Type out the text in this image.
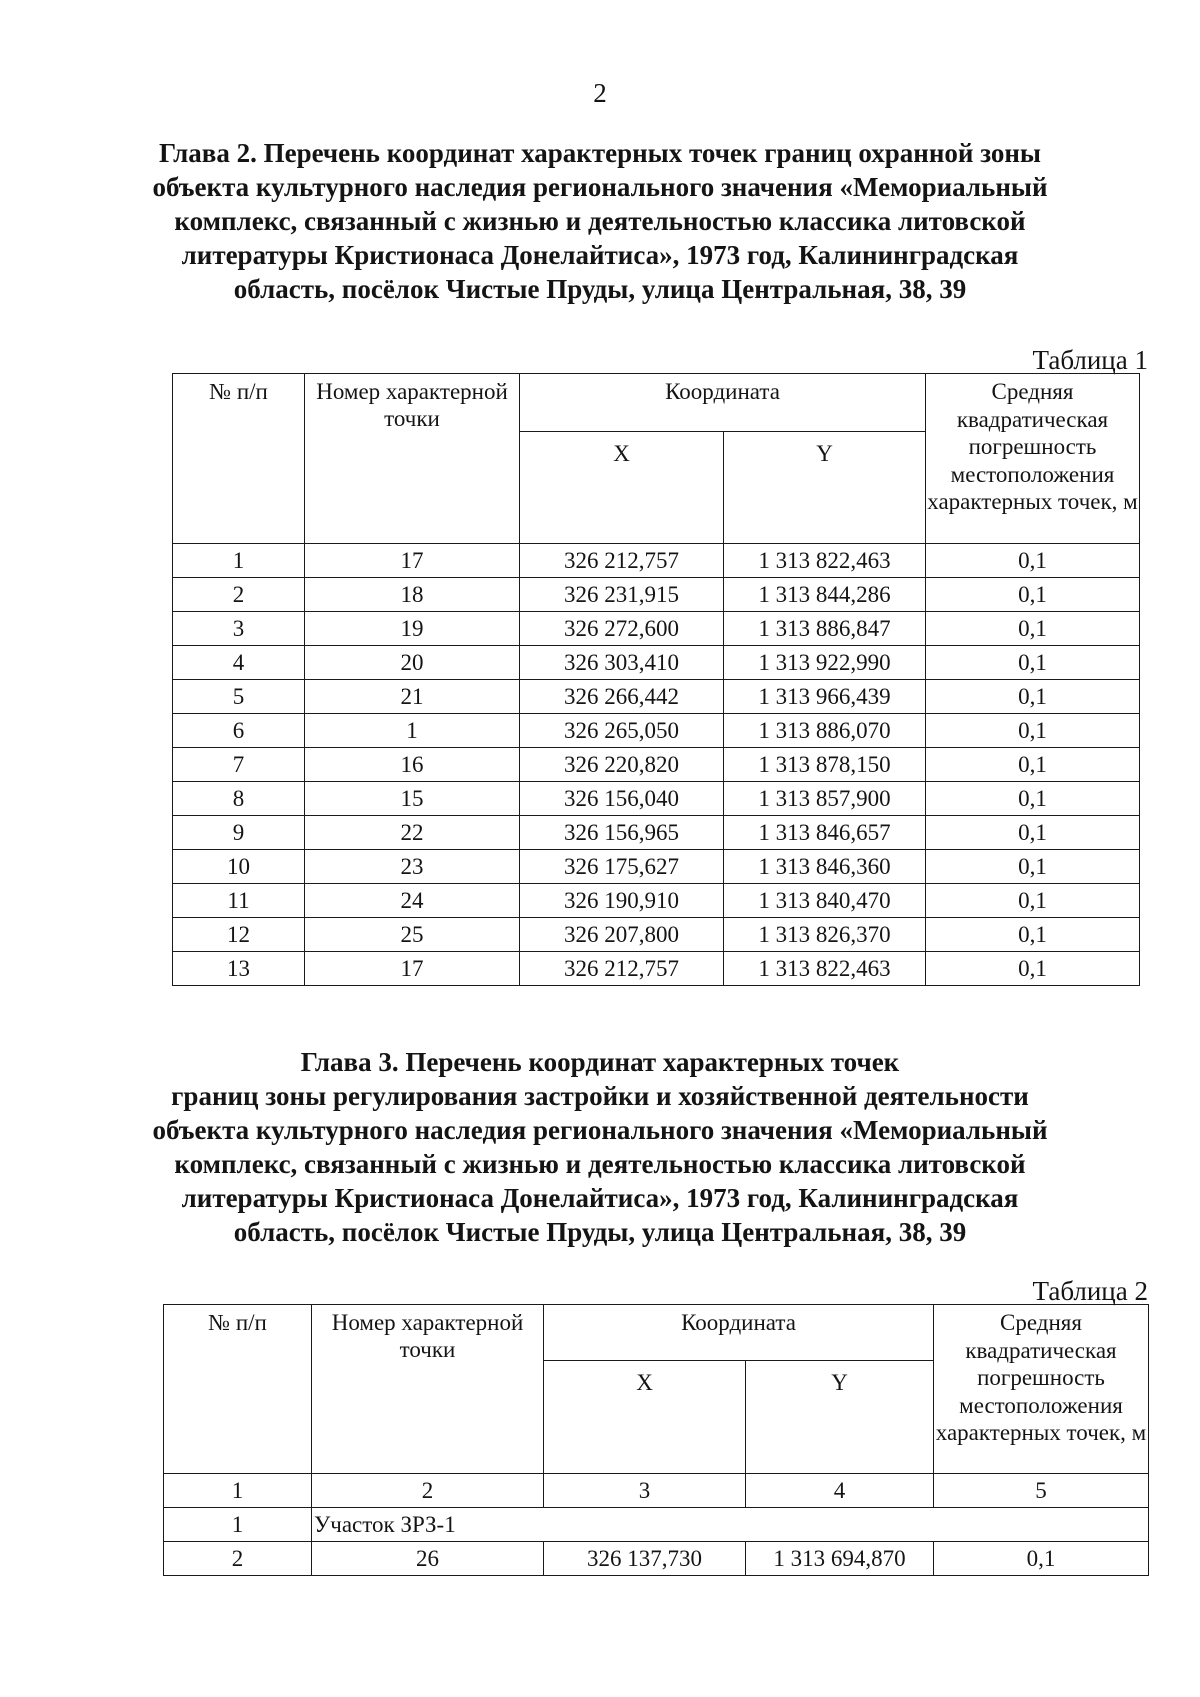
2
Глава 2. Перечень координат характерных точек границ охранной зоны
объекта культурного наследия регионального значения «Мемориальный
комплекс, связанный с жизнью и деятельностью классика литовской
литературы Кристионаса Донелайтиса», 1973 год, Калининградская
область, посёлок Чистые Пруды, улица Центральная, 38, 39
Таблица 1
№ п/п	Номер характерной точки	Координата		Средняя квадратическая погрешность местоположения характерных точек, м
		X	Y	
1	17	326 212,757	1 313 822,463	0,1
2	18	326 231,915	1 313 844,286	0,1
3	19	326 272,600	1 313 886,847	0,1
4	20	326 303,410	1 313 922,990	0,1
5	21	326 266,442	1 313 966,439	0,1
6	1	326 265,050	1 313 886,070	0,1
7	16	326 220,820	1 313 878,150	0,1
8	15	326 156,040	1 313 857,900	0,1
9	22	326 156,965	1 313 846,657	0,1
10	23	326 175,627	1 313 846,360	0,1
11	24	326 190,910	1 313 840,470	0,1
12	25	326 207,800	1 313 826,370	0,1
13	17	326 212,757	1 313 822,463	0,1
Глава 3. Перечень координат характерных точек
границ зоны регулирования застройки и хозяйственной деятельности
объекта культурного наследия регионального значения «Мемориальный
комплекс, связанный с жизнью и деятельностью классика литовской
литературы Кристионаса Донелайтиса», 1973 год, Калининградская
область, посёлок Чистые Пруды, улица Центральная, 38, 39
Таблица 2
№ п/п	Номер характерной точки	Координата		Средняя квадратическая погрешность местоположения характерных точек, м
		X	Y	
1	2	3	4	5
1	Участок ЗРЗ-1			
2	26	326 137,730	1 313 694,870	0,1
